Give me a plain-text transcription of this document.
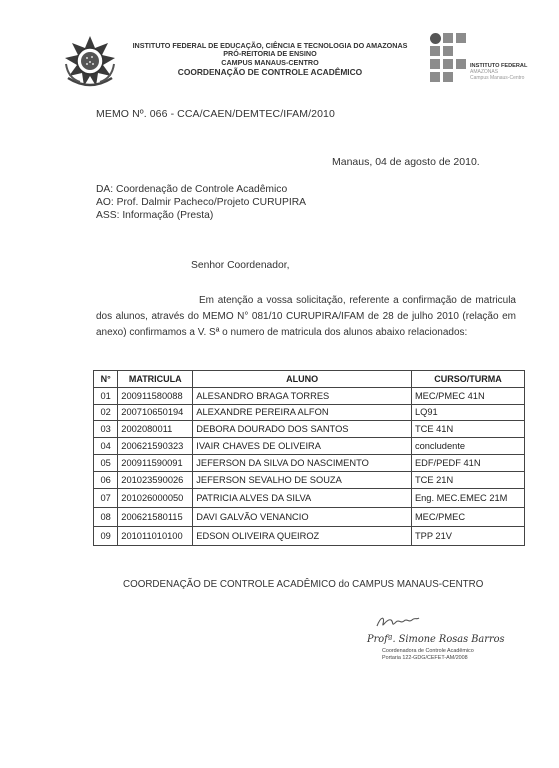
INSTITUTO FEDERAL DE EDUCAÇÃO, CIÊNCIA E TECNOLOGIA DO AMAZONAS
PRÓ-REITORIA DE ENSINO
CAMPUS MANAUS-CENTRO
COORDENAÇÃO DE CONTROLE ACADÊMICO
INSTITUTO FEDERAL
AMAZONAS
Campus Manaus-Centro
MEMO Nº. 066 - CCA/CAEN/DEMTEC/IFAM/2010
Manaus, 04 de agosto de 2010.
DA: Coordenação de Controle Acadêmico
AO: Prof. Dalmir Pacheco/Projeto CURUPIRA
ASS: Informação (Presta)
Senhor Coordenador,
Em atenção a vossa solicitação, referente a confirmação de matricula dos alunos, através do MEMO N° 081/10 CURUPIRA/IFAM de 28 de julho 2010 (relação em anexo) confirmamos a V. Sª o numero de matricula dos alunos abaixo relacionados:
N°	MATRICULA	ALUNO	CURSO/TURMA
01	200911580088	ALESANDRO BRAGA TORRES	MEC/PMEC 41N
02	200710650194	ALEXANDRE PEREIRA ALFON	LQ91
03	2002080011	DEBORA DOURADO DOS SANTOS	TCE 41N
04	200621590323	IVAIR CHAVES DE OLIVEIRA	concludente
05	200911590091	JEFERSON DA SILVA DO NASCIMENTO	EDF/PEDF 41N
06	201023590026	JEFERSON SEVALHO DE SOUZA	TCE 21N
07	201026000050	PATRICIA ALVES DA SILVA	Eng. MEC.EMEC 21M
08	200621580115	DAVI GALVÃO VENANCIO	MEC/PMEC
09	201011010100	EDSON OLIVEIRA QUEIROZ	TPP 21V
COORDENAÇÃO DE CONTROLE ACADÊMICO do CAMPUS MANAUS-CENTRO
Profª. Simone Rosas Barros
Coordenadora de Controle Acadêmico
Portaria 122-GDG/CEFET-AM/2008
